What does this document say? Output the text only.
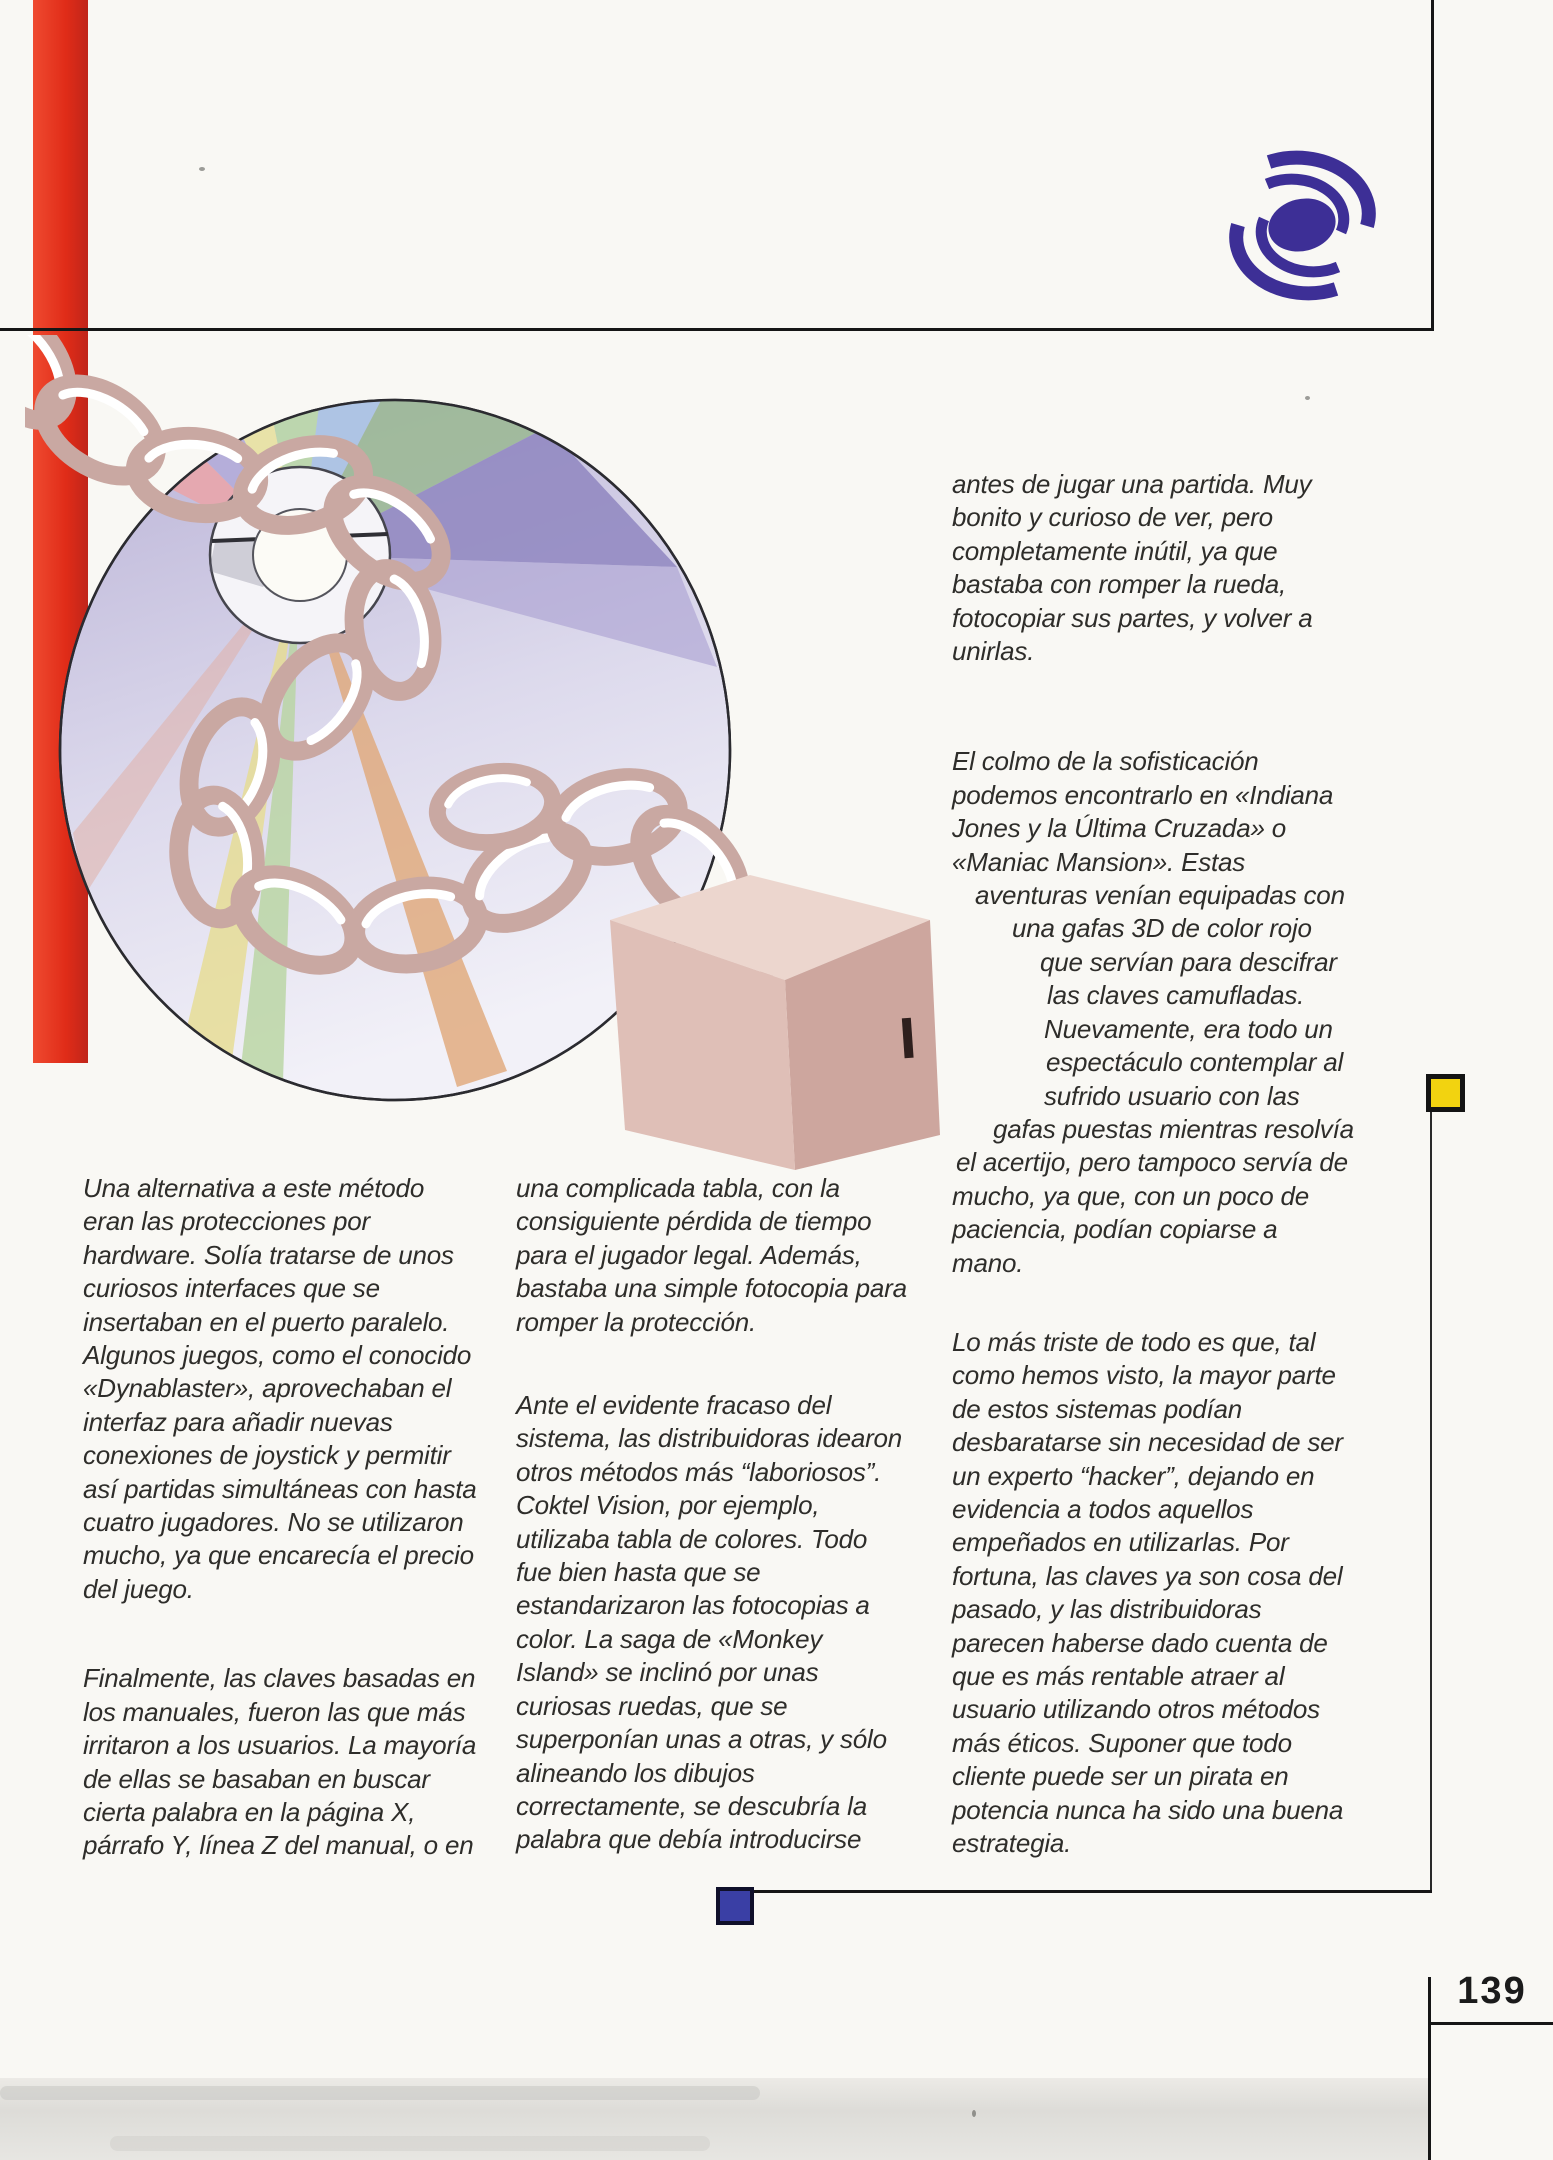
139
Una alternativa a este método
eran las protecciones por
hardware. Solía tratarse de unos
curiosos interfaces que se
insertaban en el puerto paralelo.
Algunos juegos, como el conocido
«Dynablaster», aprovechaban el
interfaz para añadir nuevas
conexiones de joystick y permitir
así partidas simultáneas con hasta
cuatro jugadores. No se utilizaron
mucho, ya que encarecía el precio
del juego.
Finalmente, las claves basadas en
los manuales, fueron las que más
irritaron a los usuarios. La mayoría
de ellas se basaban en buscar
cierta palabra en la página X,
párrafo Y, línea Z del manual, o en
una complicada tabla, con la
consiguiente pérdida de tiempo
para el jugador legal. Además,
bastaba una simple fotocopia para
romper la protección.
Ante el evidente fracaso del
sistema, las distribuidoras idearon
otros métodos más “laboriosos”.
Coktel Vision, por ejemplo,
utilizaba tabla de colores. Todo
fue bien hasta que se
estandarizaron las fotocopias a
color. La saga de «Monkey
Island» se inclinó por unas
curiosas ruedas, que se
superponían unas a otras, y sólo
alineando los dibujos
correctamente, se descubría la
palabra que debía introducirse
antes de jugar una partida. Muy
bonito y curioso de ver, pero
completamente inútil, ya que
bastaba con romper la rueda,
fotocopiar sus partes, y volver a
unirlas.
El colmo de la sofisticación
podemos encontrarlo en «Indiana
Jones y la Última Cruzada» o
«Maniac Mansion». Estas
aventuras venían equipadas con
una gafas 3D de color rojo
que servían para descifrar
las claves camufladas.
Nuevamente, era todo un
espectáculo contemplar al
sufrido usuario con las
gafas puestas mientras resolvía
el acertijo, pero tampoco servía de
mucho, ya que, con un poco de
paciencia, podían copiarse a
mano.
Lo más triste de todo es que, tal
como hemos visto, la mayor parte
de estos sistemas podían
desbaratarse sin necesidad de ser
un experto “hacker”, dejando en
evidencia a todos aquellos
empeñados en utilizarlas. Por
fortuna, las claves ya son cosa del
pasado, y las distribuidoras
parecen haberse dado cuenta de
que es más rentable atraer al
usuario utilizando otros métodos
más éticos. Suponer que todo
cliente puede ser un pirata en
potencia nunca ha sido una buena
estrategia.
